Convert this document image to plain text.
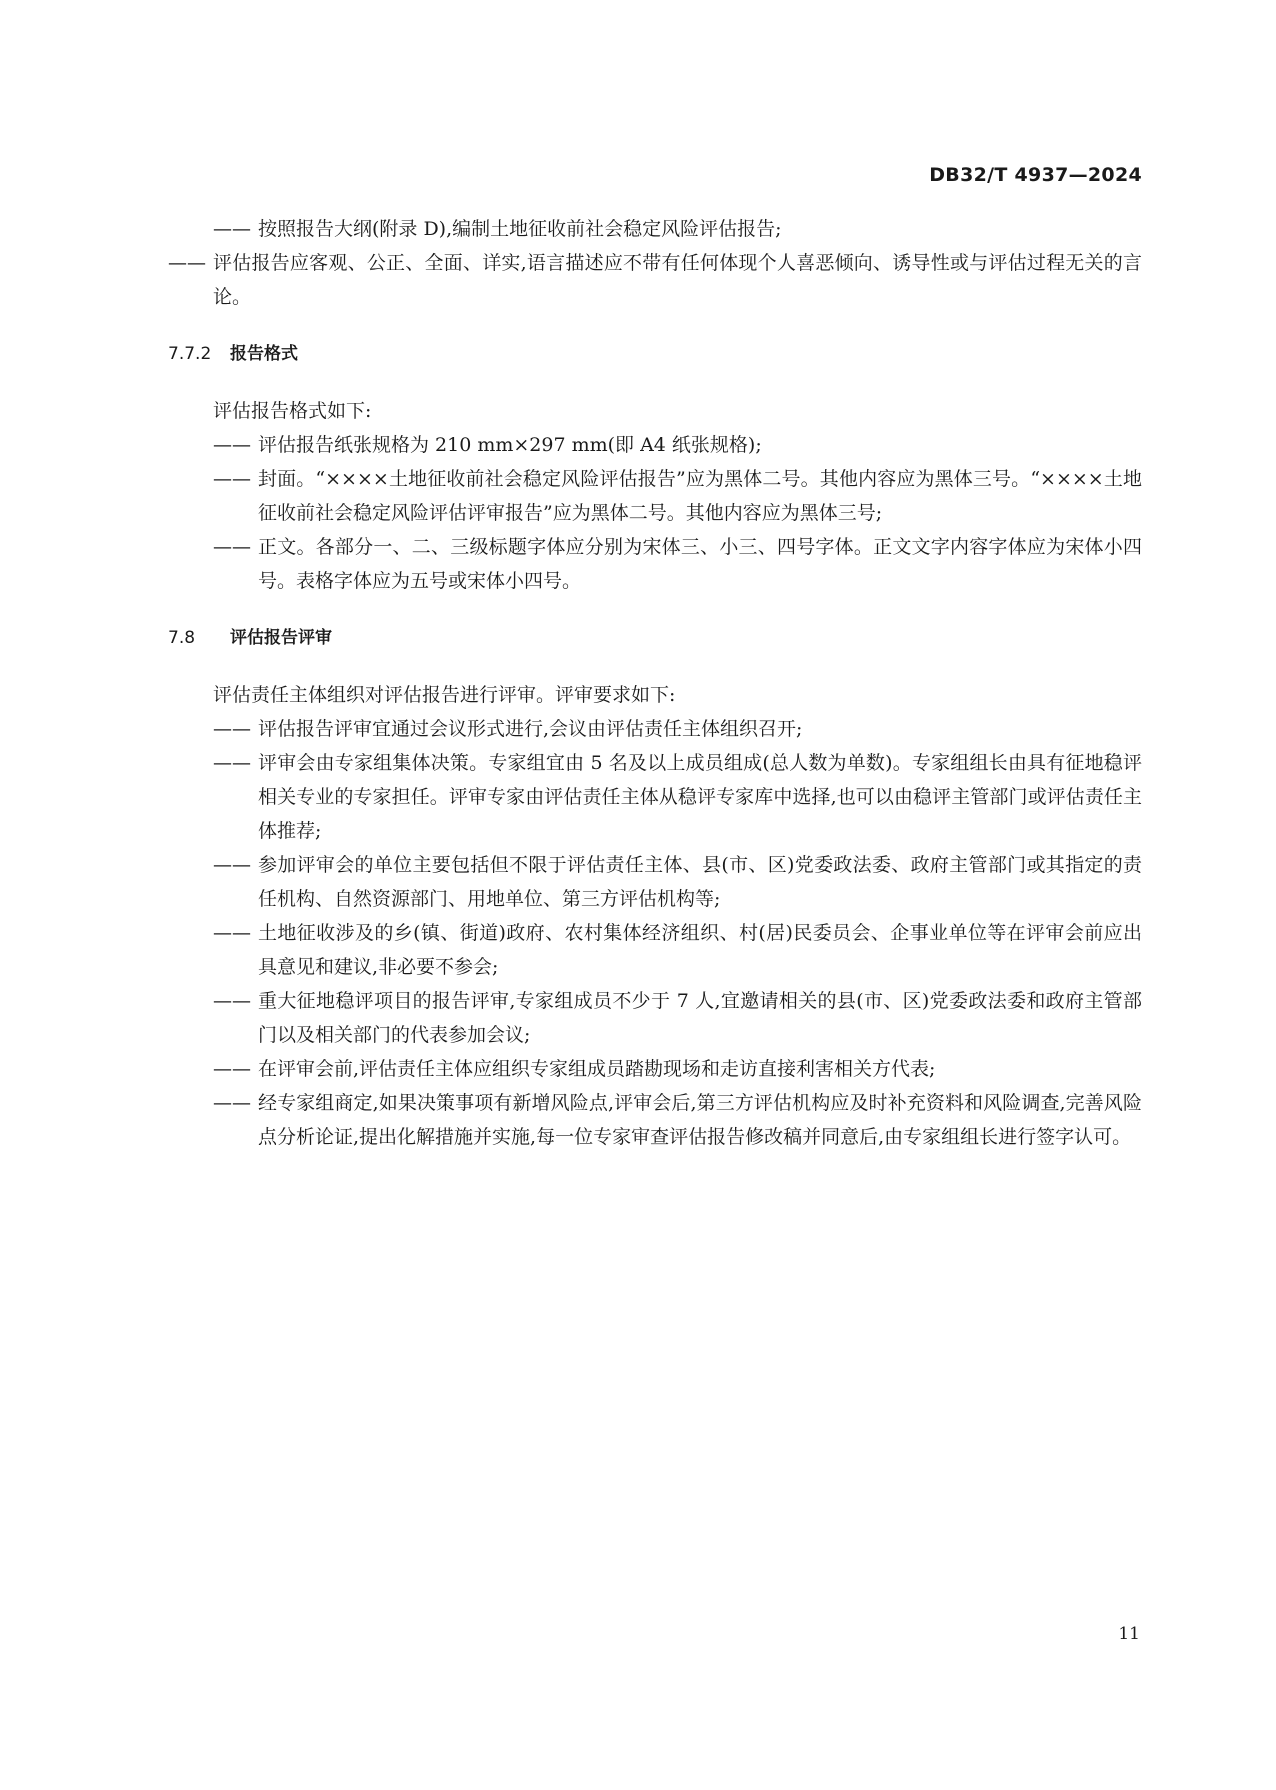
DB32/T 4937—2024

—— 按照报告大纲(附录 D),编制土地征收前社会稳定风险评估报告;

—— 评估报告应客观、公正、全面、详实,语言描述应不带有任何体现个人喜恶倾向、诱导性或与评估过程无关的言论。

7.7.2 报告格式

评估报告格式如下:

—— 评估报告纸张规格为 210 mm×297 mm(即 A4 纸张规格);

—— 封面。“××××土地征收前社会稳定风险评估报告”应为黑体二号。其他内容应为黑体三号。“××××土地征收前社会稳定风险评估评审报告”应为黑体二号。其他内容应为黑体三号;

—— 正文。各部分一、二、三级标题字体应分别为宋体三、小三、四号字体。正文文字内容字体应为宋体小四号。表格字体应为五号或宋体小四号。

7.8 评估报告评审

评估责任主体组织对评估报告进行评审。评审要求如下:

—— 评估报告评审宜通过会议形式进行,会议由评估责任主体组织召开;

—— 评审会由专家组集体决策。专家组宜由 5 名及以上成员组成(总人数为单数)。专家组组长由具有征地稳评相关专业的专家担任。评审专家由评估责任主体从稳评专家库中选择,也可以由稳评主管部门或评估责任主体推荐;

—— 参加评审会的单位主要包括但不限于评估责任主体、县(市、区)党委政法委、政府主管部门或其指定的责任机构、自然资源部门、用地单位、第三方评估机构等;

—— 土地征收涉及的乡(镇、街道)政府、农村集体经济组织、村(居)民委员会、企事业单位等在评审会前应出具意见和建议,非必要不参会;

—— 重大征地稳评项目的报告评审,专家组成员不少于 7 人,宜邀请相关的县(市、区)党委政法委和政府主管部门以及相关部门的代表参加会议;

—— 在评审会前,评估责任主体应组织专家组成员踏勘现场和走访直接利害相关方代表;

—— 经专家组商定,如果决策事项有新增风险点,评审会后,第三方评估机构应及时补充资料和风险调查,完善风险点分析论证,提出化解措施并实施,每一位专家审查评估报告修改稿并同意后,由专家组组长进行签字认可。

11
